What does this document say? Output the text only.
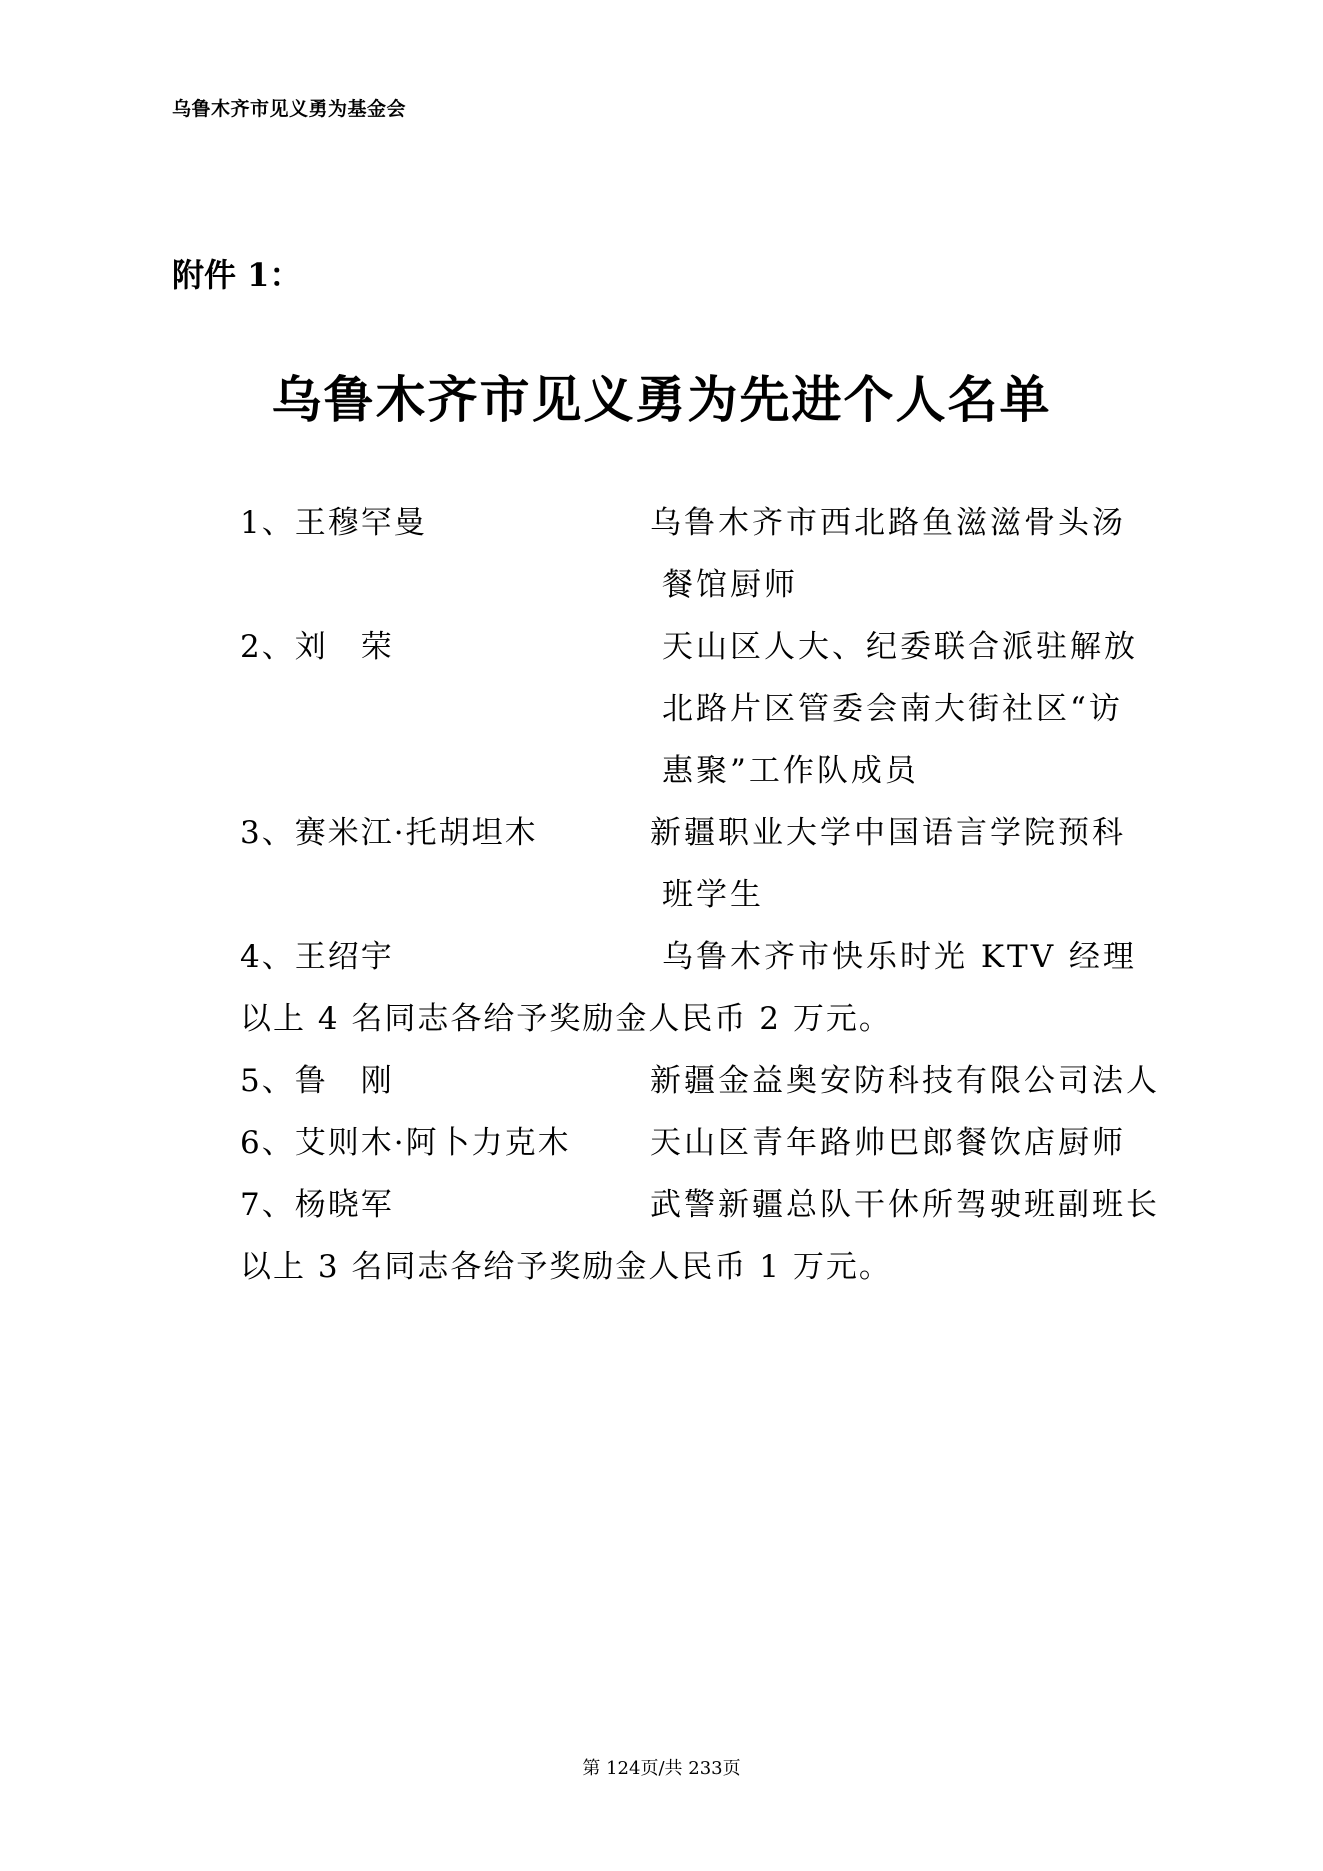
乌鲁木齐市见义勇为基金会
附件 1：
乌鲁木齐市见义勇为先进个人名单
1、王穆罕曼	乌鲁木齐市西北路鱼滋滋骨头汤
餐馆厨师
2、刘　荣	天山区人大、纪委联合派驻解放
北路片区管委会南大街社区“访
惠聚”工作队成员
3、赛米江·托胡坦木	新疆职业大学中国语言学院预科
班学生
4、王绍宇	乌鲁木齐市快乐时光 KTV 经理
以上 4 名同志各给予奖励金人民币 2 万元。
5、鲁　刚	新疆金益奥安防科技有限公司法人
6、艾则木·阿卜力克木	天山区青年路帅巴郎餐饮店厨师
7、杨晓军	武警新疆总队干休所驾驶班副班长
以上 3 名同志各给予奖励金人民币 1 万元。
第 124页/共 233页
